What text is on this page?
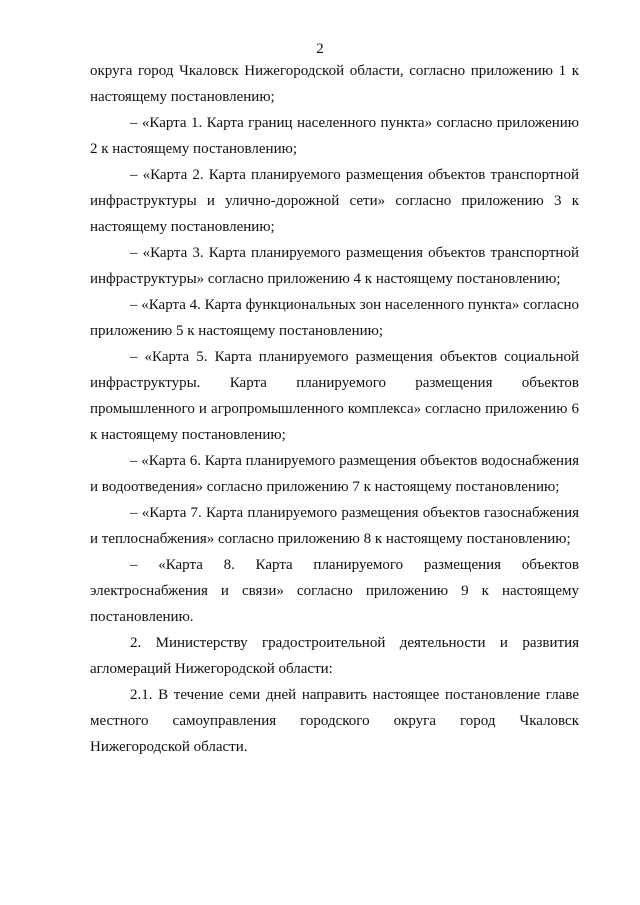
2

округа город Чкаловск Нижегородской области, согласно приложению 1 к настоящему постановлению;

– «Карта 1. Карта границ населенного пункта» согласно приложению 2 к настоящему постановлению;

– «Карта 2. Карта планируемого размещения объектов транспортной инфраструктуры и улично-дорожной сети» согласно приложению 3 к настоящему постановлению;

– «Карта 3. Карта планируемого размещения объектов транспортной инфраструктуры» согласно приложению 4 к настоящему постановлению;

– «Карта 4. Карта функциональных зон населенного пункта» согласно приложению 5 к настоящему постановлению;

– «Карта 5. Карта планируемого размещения объектов социальной инфраструктуры. Карта планируемого размещения объектов промышленного и агропромышленного комплекса» согласно приложению 6 к настоящему постановлению;

– «Карта 6. Карта планируемого размещения объектов водоснабжения и водоотведения» согласно приложению 7 к настоящему постановлению;

– «Карта 7. Карта планируемого размещения объектов газоснабжения и теплоснабжения» согласно приложению 8 к настоящему постановлению;

– «Карта 8. Карта планируемого размещения объектов электроснабжения и связи» согласно приложению 9 к настоящему постановлению.

2. Министерству градостроительной деятельности и развития агломераций Нижегородской области:

2.1. В течение семи дней направить настоящее постановление главе местного самоуправления городского округа город Чкаловск Нижегородской области.
